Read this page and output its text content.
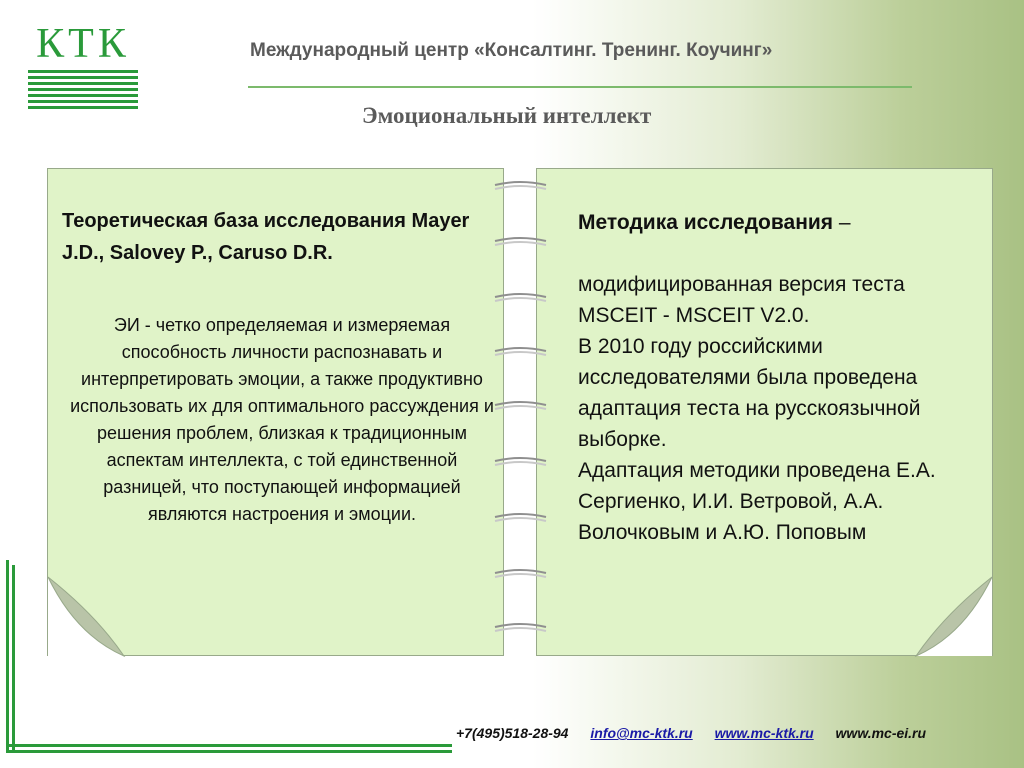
КТК	Международный центр «Консалтинг. Тренинг. Коучинг»
Эмоциональный интеллект
Теоретическая база исследования Mayer J.D., Salovey P., Caruso D.R.
ЭИ - четко определяемая и измеряемая способность личности распознавать и интерпретировать эмоции, а также продуктивно использовать их для оптимального рассуждения и решения проблем, близкая к традиционным аспектам интеллекта, с той единственной разницей, что поступающей информацией являются настроения и эмоции.
Методика исследования –
модифицированная версия теста MSCEIT - MSCEIT V2.0.
В 2010 году российскими исследователями была проведена адаптация теста на русскоязычной выборке.
Адаптация методики проведена Е.А. Сергиенко, И.И. Ветровой, А.А. Волочковым и А.Ю. Поповым
+7(495)518-28-94 info@mc-ktk.ru www.mc-ktk.ru www.mc-ei.ru
